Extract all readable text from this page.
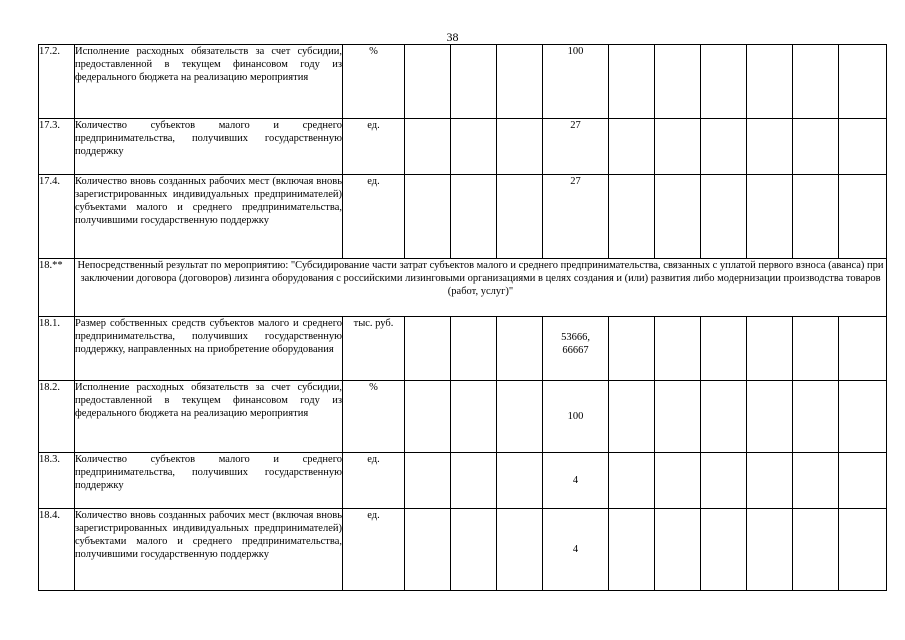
38
17.2.	Исполнение расходных обязательств за счет субсидии, предоставленной в текущем финансовом году из федерального бюджета на реализацию мероприятия	%				100						
17.3.	Количество субъектов малого и среднего предпринимательства, получивших государственную поддержку	ед.				27						
17.4.	Количество вновь созданных рабочих мест (включая вновь зарегистрированных индивидуальных предпринимателей) субъектами малого и среднего предпринимательства, получившими государственную поддержку	ед.				27						
18.**	Непосредственный результат по мероприятию: "Субсидирование части затрат субъектов малого и среднего предпринимательства, связанных с уплатой первого взноса (аванса) при заключении договора (договоров) лизинга оборудования с российскими лизинговыми организациями в целях создания и (или) развития либо модернизации производства товаров (работ, услуг)"											
18.1.	Размер собственных средств субъектов малого и среднего предпринимательства, получивших государственную поддержку, направленных на приобретение оборудования	тыс. руб.				53666,
66667						

18.2.	Исполнение расходных обязательств за счет субсидии, предоставленной в текущем финансовом году из федерального бюджета на реализацию мероприятия	%				100						
18.3.	Количество субъектов малого и среднего предпринимательства, получивших государственную поддержку	ед.				4						
18.4.	Количество вновь созданных рабочих мест (включая вновь зарегистрированных индивидуальных предпринимателей) субъектами малого и среднего предпринимательства, получившими государственную поддержку	ед.				4						
